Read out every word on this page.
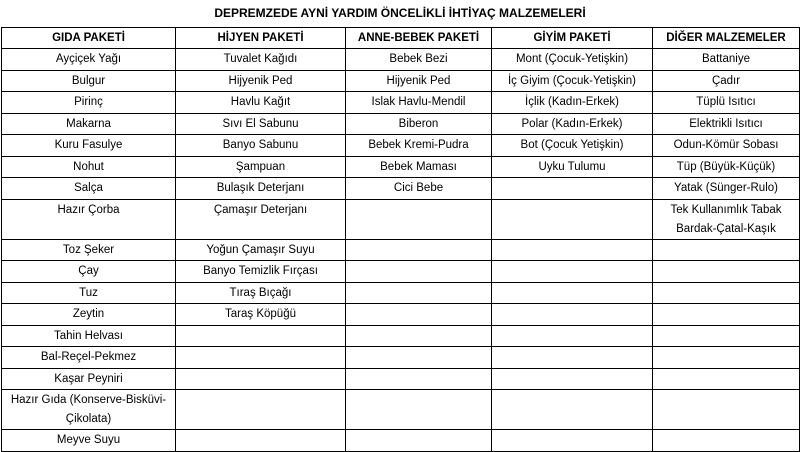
DEPREMZEDE AYNİ YARDIM ÖNCELİKLİ İHTİYAÇ MALZEMELERİ
GIDA PAKETİ	HİJYEN PAKETİ	ANNE-BEBEK PAKETİ	GİYİM PAKETİ	DİĞER MALZEMELER
Ayçiçek Yağı	Tuvalet Kağıdı	Bebek Bezi	Mont (Çocuk-Yetişkin)	Battaniye
Bulgur	Hijyenik Ped	Hijyenik Ped	İç Giyim (Çocuk-Yetişkin)	Çadır
Pirinç	Havlu Kağıt	Islak Havlu-Mendil	İçlik (Kadın-Erkek)	Tüplü Isıtıcı
Makarna	Sıvı El Sabunu	Biberon	Polar (Kadın-Erkek)	Elektrikli Isıtıcı
Kuru Fasulye	Banyo Sabunu	Bebek Kremi-Pudra	Bot (Çocuk Yetişkin)	Odun-Kömür Sobası
Nohut	Şampuan	Bebek Maması	Uyku Tulumu	Tüp (Büyük-Küçük)
Salça	Bulaşık Deterjanı	Cici Bebe		Yatak (Sünger-Rulo)
Hazır Çorba	Çamaşır Deterjanı			Tek Kullanımlık Tabak Bardak-Çatal-Kaşık
Toz Şeker	Yoğun Çamaşır Suyu			
Çay	Banyo Temizlik Fırçası			
Tuz	Tıraş Bıçağı			
Zeytin	Taraş Köpüğü			
Tahin Helvası				
Bal-Reçel-Pekmez				
Kaşar Peyniri				
Hazır Gıda (Konserve-Bisküvi-Çikolata)				
Meyve Suyu				
